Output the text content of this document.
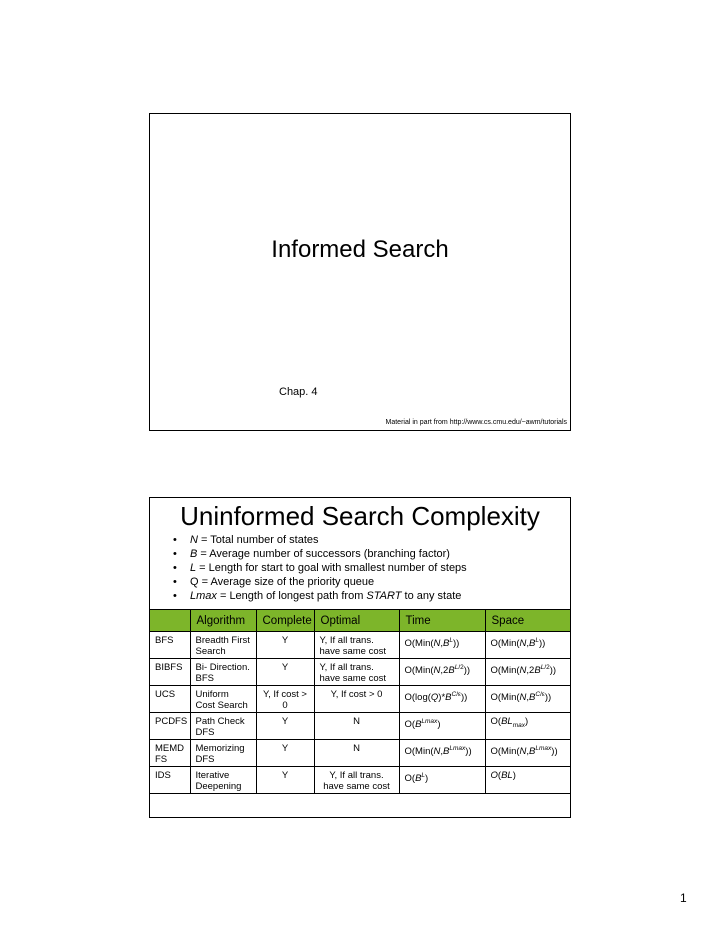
Informed Search
Chap. 4
Material in part from http://www.cs.cmu.edu/~awm/tutorials
Uninformed Search Complexity
• N = Total number of states
• B = Average number of successors (branching factor)
• L = Length for start to goal with smallest number of steps
• Q = Average size of the priority queue
• Lmax = Length of longest path from START to any state
	Algorithm	Complete	Optimal	Time	Space
BFS	Breadth First Search	Y	Y, If all trans. have same cost	$O(Min(N,B^L))$	$O(Min(N,B^L))$
BIBFS	Bi- Direction. BFS	Y	Y, If all trans. have same cost	$O(Min(N,2B^{L/2}))$	$O(Min(N,2B^{L/2}))$
UCS	Uniform Cost Search	Y, If cost > 0	Y, If cost > 0	$O(\log(Q)*B^{C/\varepsilon})$)	$O(Min(N,B^{C/\varepsilon}))$
PCDFS	Path Check DFS	Y	N	$O(B^{Lmax})$	$O(BL_{max})$
MEMDFS	Memorizing DFS	Y	N	$O(Min(N,B^{Lmax}))$	$O(Min(N,B^{Lmax}))$
IDS	Iterative Deepening	Y	Y, If all trans. have same cost	$O(B^L)$	O(BL)
1
